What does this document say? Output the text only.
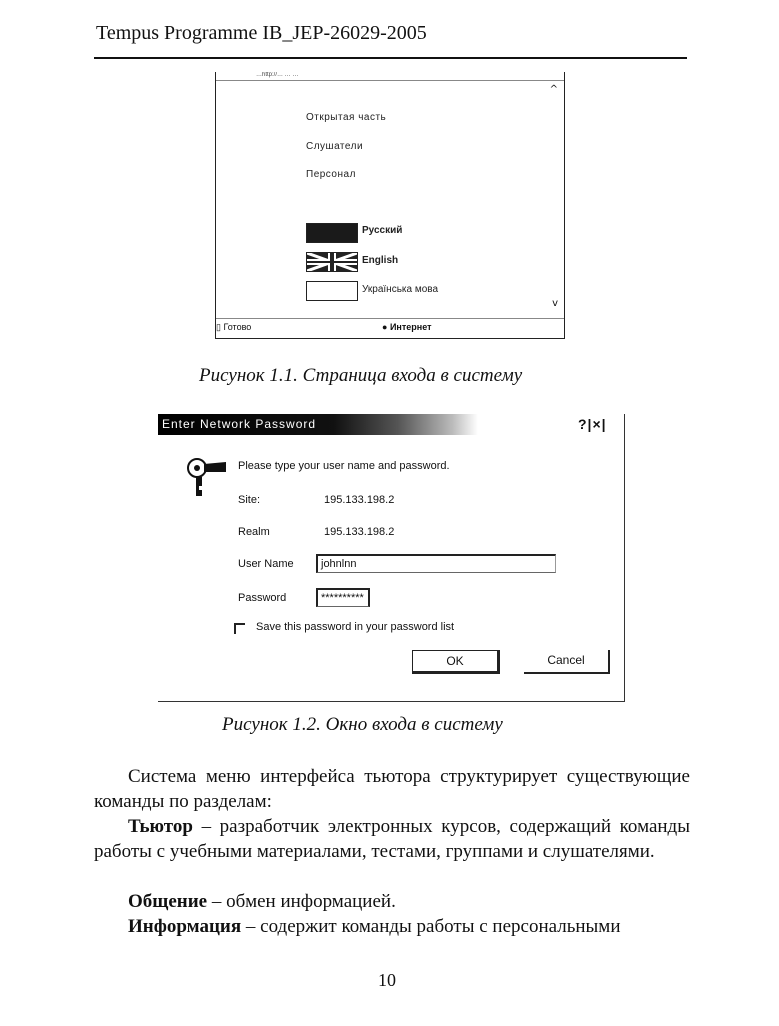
Tempus Programme IB_JEP-26029-2005
…http://… … …
^
Открытая часть
Слушатели
Персонал
Русский
English
Українська мова
v
▯ Готово	● Интернет
Рисунок 1.1. Страница входа в систему
Enter Network Password	?|×|
Please type your user name and password.
Site:	195.133.198.2
Realm	195.133.198.2
User Name	johnlnn
Password	**********
Save this password in your password list
OK	Cancel
Рисунок 1.2. Окно входа в систему

Система меню интерфейса тьютора структурирует существующие команды по разделам:

Тьютор – разработчик электронных курсов, содержащий команды работы с учебными материалами, тестами, группами и слушателями.

Общение – обмен информацией.

Информация – содержит команды работы с персональными

10
